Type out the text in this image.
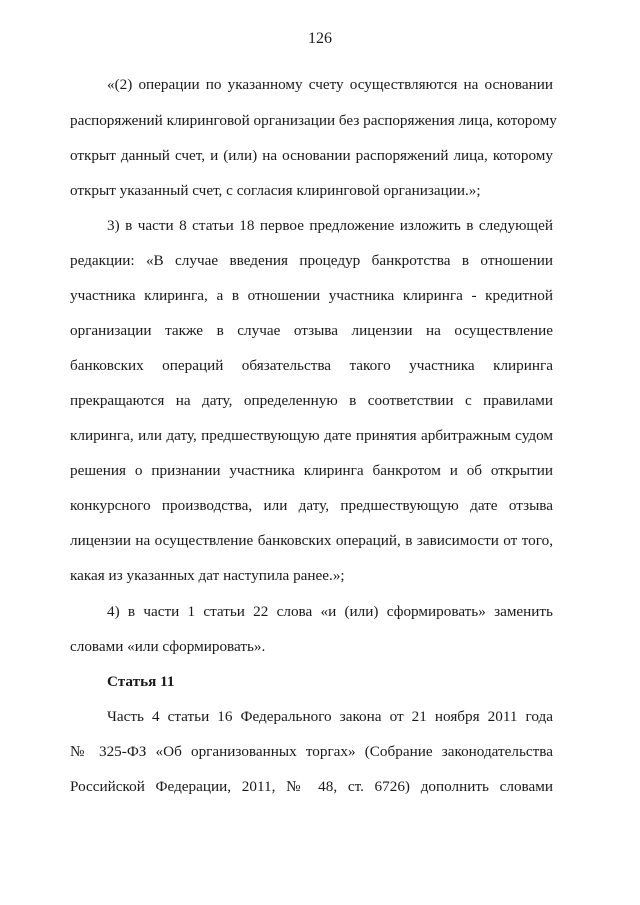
126
«(2) операции по указанному счету осуществляются на основании
распоряжений клиринговой организации без распоряжения лица, которому
открыт данный счет, и (или) на основании распоряжений лица, которому
открыт указанный счет, с согласия клиринговой организации.»;
3) в части 8 статьи 18 первое предложение изложить в следующей
редакции: «В случае введения процедур банкротства в отношении
участника клиринга, а в отношении участника клиринга - кредитной
организации также в случае отзыва лицензии на осуществление
банковских операций обязательства такого участника клиринга
прекращаются на дату, определенную в соответствии с правилами
клиринга, или дату, предшествующую дате принятия арбитражным судом
решения о признании участника клиринга банкротом и об открытии
конкурсного производства, или дату, предшествующую дате отзыва
лицензии на осуществление банковских операций, в зависимости от того,
какая из указанных дат наступила ранее.»;
4) в части 1 статьи 22 слова «и (или) сформировать» заменить
словами «или сформировать».
Статья 11
Часть 4 статьи 16 Федерального закона от 21 ноября 2011 года
№ 325-ФЗ «Об организованных торгах» (Собрание законодательства
Российской Федерации, 2011, № 48, ст. 6726) дополнить словами
